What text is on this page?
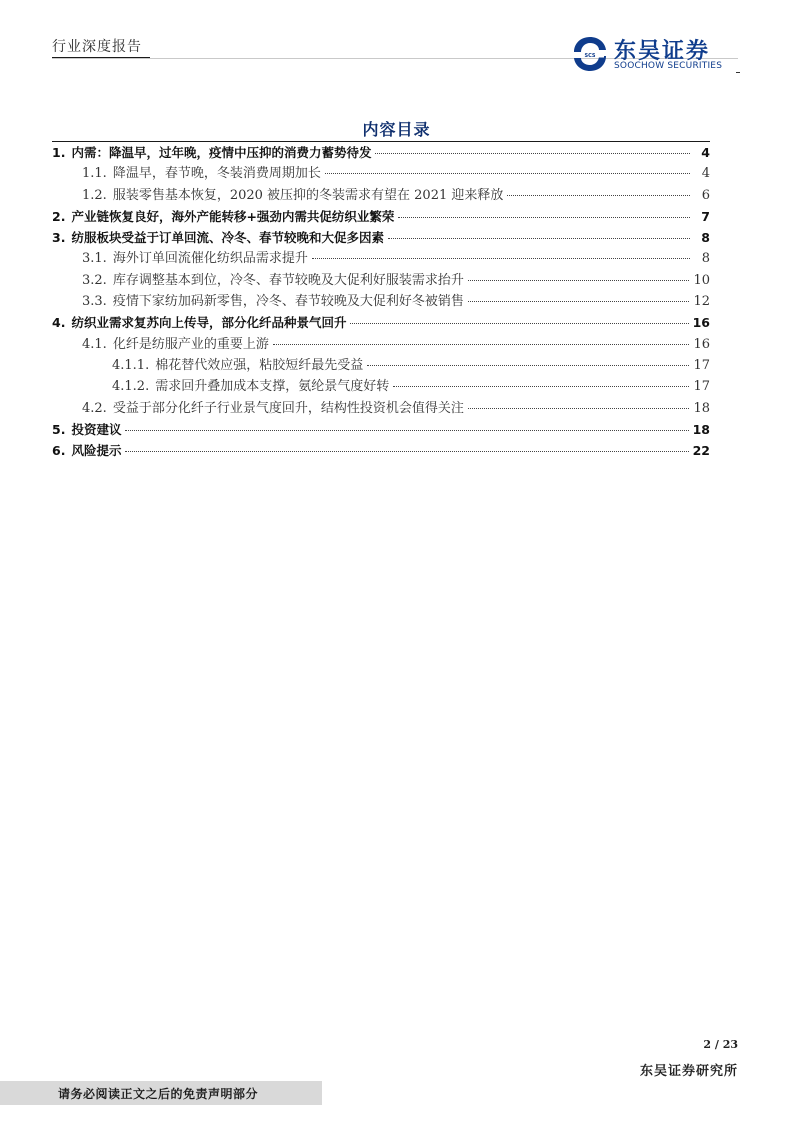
行业深度报告
SCS 东吴证券
SOOCHOW SECURITIES
内容目录
1. 内需：降温早，过年晚，疫情中压抑的消费力蓄势待发	4
1.1. 降温早，春节晚，冬装消费周期加长	4
1.2. 服装零售基本恢复，2020 被压抑的冬装需求有望在 2021 迎来释放	6
2. 产业链恢复良好，海外产能转移+强劲内需共促纺织业繁荣	7
3. 纺服板块受益于订单回流、冷冬、春节较晚和大促多因素	8
3.1. 海外订单回流催化纺织品需求提升	8
3.2. 库存调整基本到位，冷冬、春节较晚及大促利好服装需求抬升	10
3.3. 疫情下家纺加码新零售，冷冬、春节较晚及大促利好冬被销售	12
4. 纺织业需求复苏向上传导，部分化纤品种景气回升	16
4.1. 化纤是纺服产业的重要上游	16
4.1.1. 棉花替代效应强，粘胶短纤最先受益	17
4.1.2. 需求回升叠加成本支撑，氨纶景气度好转	17
4.2. 受益于部分化纤子行业景气度回升，结构性投资机会值得关注	18
5. 投资建议	18
6. 风险提示	22
2 / 23
东吴证券研究所
请务必阅读正文之后的免责声明部分
